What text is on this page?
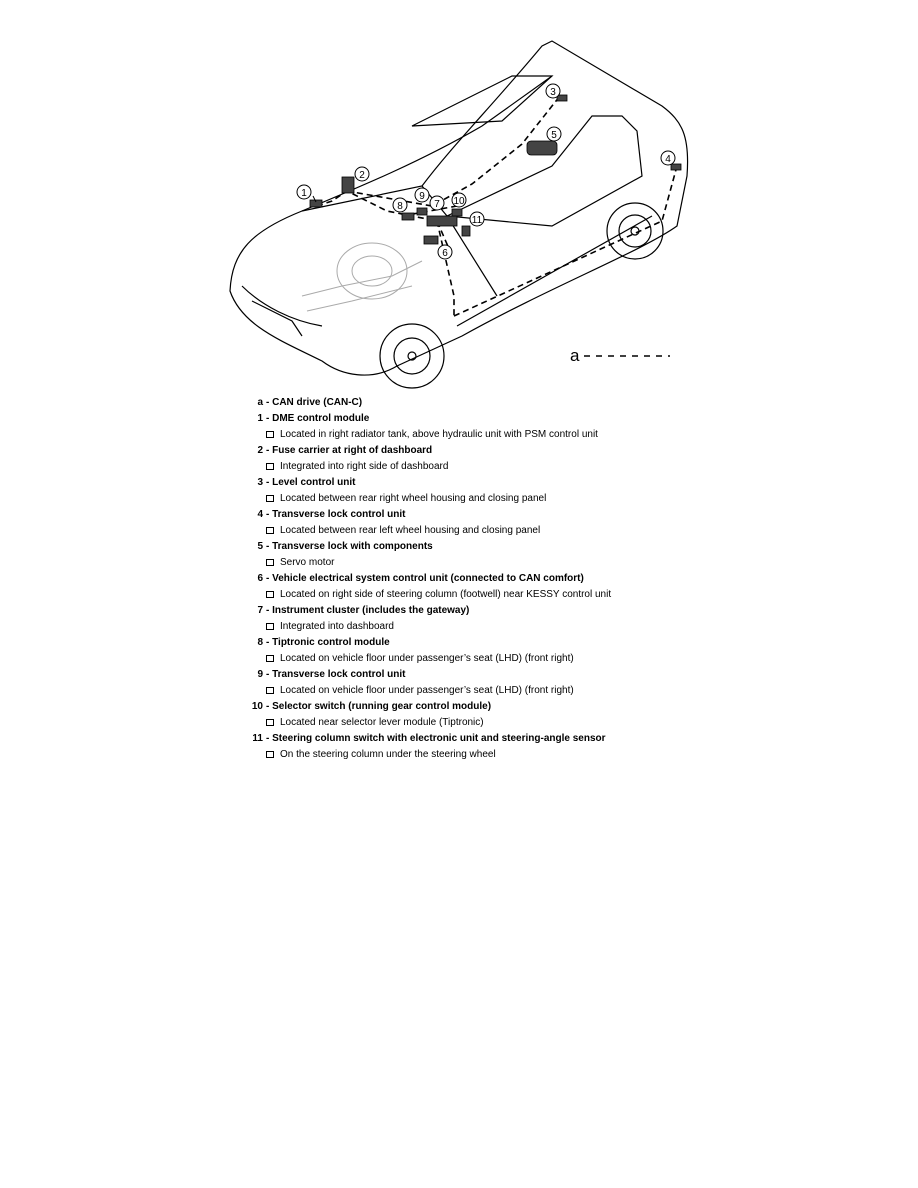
1
2
3
4
5
6
7
8
9	10
11
a
a - CAN drive (CAN-C)
1 - DME control module
Located in right radiator tank, above hydraulic unit with PSM control unit
2 - Fuse carrier at right of dashboard
Integrated into right side of dashboard
3 - Level control unit
Located between rear right wheel housing and closing panel
4 - Transverse lock control unit
Located between rear left wheel housing and closing panel
5 - Transverse lock with components
Servo motor
6 - Vehicle electrical system control unit (connected to CAN comfort)
Located on right side of steering column (footwell) near KESSY control unit
7 - Instrument cluster (includes the gateway)
Integrated into dashboard
8 - Tiptronic control module
Located on vehicle floor under passenger’s seat (LHD) (front right)
9 - Transverse lock control unit
Located on vehicle floor under passenger’s seat (LHD) (front right)
10 - Selector switch (running gear control module)
Located near selector lever module (Tiptronic)
11 - Steering column switch with electronic unit and steering-angle sensor
On the steering column under the steering wheel
